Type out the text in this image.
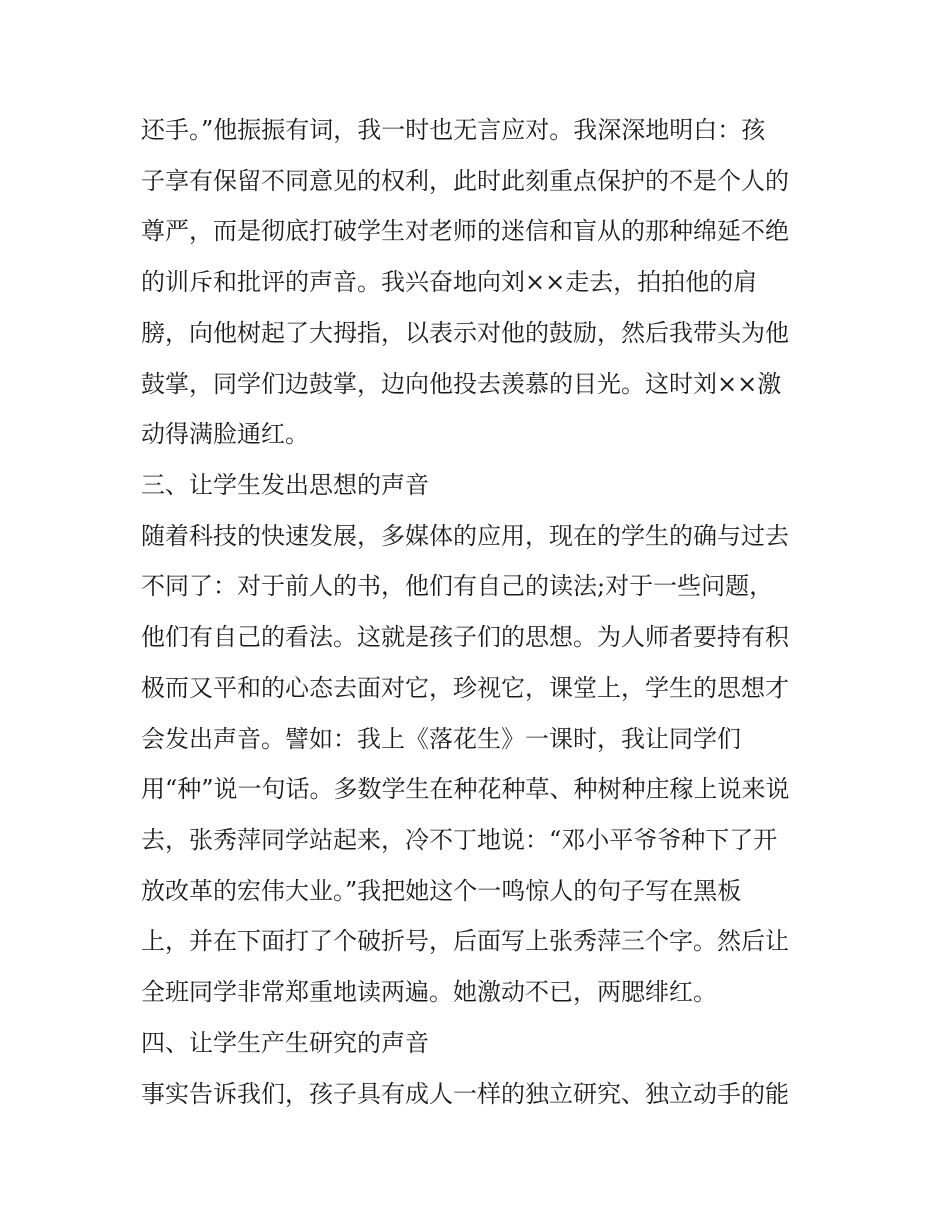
还手。”他振振有词，我一时也无言应对。我深深地明白：孩

子享有保留不同意见的权利，此时此刻重点保护的不是个人的

尊严，而是彻底打破学生对老师的迷信和盲从的那种绵延不绝

的训斥和批评的声音。我兴奋地向刘××走去，拍拍他的肩

膀，向他树起了大拇指，以表示对他的鼓励，然后我带头为他

鼓掌，同学们边鼓掌，边向他投去羡慕的目光。这时刘××激

动得满脸通红。

三、让学生发出思想的声音

随着科技的快速发展，多媒体的应用，现在的学生的确与过去

不同了：对于前人的书，他们有自己的读法;对于一些问题，

他们有自己的看法。这就是孩子们的思想。为人师者要持有积

极而又平和的心态去面对它，珍视它，课堂上，学生的思想才

会发出声音。譬如：我上《落花生》一课时，我让同学们

用“种”说一句话。多数学生在种花种草、种树种庄稼上说来说

去，张秀萍同学站起来，冷不丁地说：“邓小平爷爷种下了开

放改革的宏伟大业。”我把她这个一鸣惊人的句子写在黑板

上，并在下面打了个破折号，后面写上张秀萍三个字。然后让

全班同学非常郑重地读两遍。她激动不已，两腮绯红。

四、让学生产生研究的声音

事实告诉我们，孩子具有成人一样的独立研究、独立动手的能
